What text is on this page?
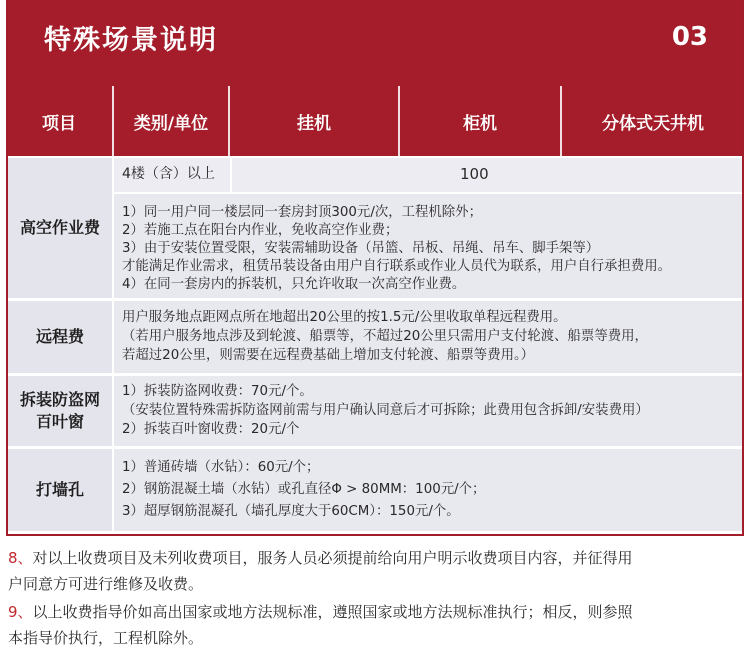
特殊场景说明	03
项目	类别/单位	挂机	柜机	分体式天井机
高空作业费
4楼（含）以上	100
1）同一用户同一楼层同一套房封顶300元/次，工程机除外；
2）若施工点在阳台内作业，免收高空作业费；
3）由于安装位置受限，安装需辅助设备（吊篮、吊板、吊绳、吊车、脚手架等）
才能满足作业需求，租赁吊装设备由用户自行联系或作业人员代为联系，用户自行承担费用。
4）在同一套房内的拆装机，只允许收取一次高空作业费。
远程费
用户服务地点距网点所在地超出20公里的按1.5元/公里收取单程远程费用。
（若用户服务地点涉及到轮渡、船票等，不超过20公里只需用户支付轮渡、船票等费用，
若超过20公里，则需要在远程费基础上增加支付轮渡、船票等费用。）
拆装防盗网
百叶窗
1）拆装防盗网收费：70元/个。
（安装位置特殊需拆防盗网前需与用户确认同意后才可拆除；此费用包含拆卸/安装费用）
2）拆装百叶窗收费：20元/个
打墙孔
1）普通砖墙（水钻）：60元/个；
2）钢筋混凝土墙（水钻）或孔直径Φ > 80MM：100元/个；
3）超厚钢筋混凝孔（墙孔厚度大于60CM）：150元/个。
8、对以上收费项目及未列收费项目，服务人员必须提前给向用户明示收费项目内容，并征得用
户同意方可进行维修及收费。
9、以上收费指导价如高出国家或地方法规标准，遵照国家或地方法规标准执行；相反，则参照
本指导价执行，工程机除外。
